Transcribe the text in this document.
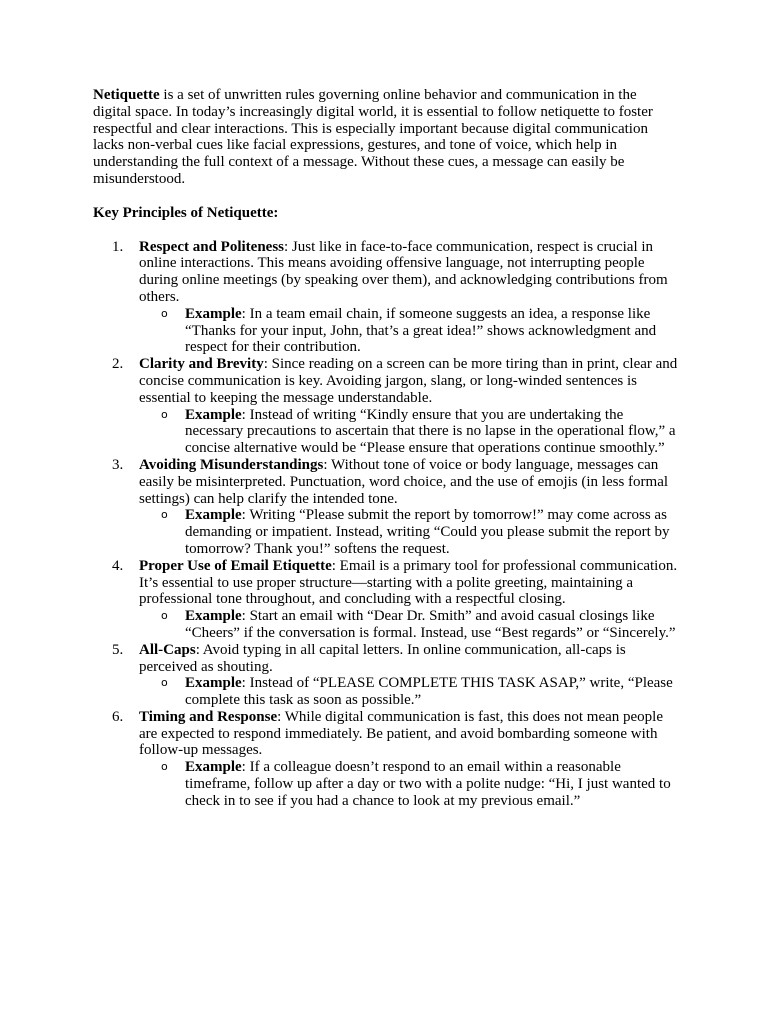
Netiquette is a set of unwritten rules governing online behavior and communication in the digital space. In today’s increasingly digital world, it is essential to follow netiquette to foster respectful and clear interactions. This is especially important because digital communication lacks non-verbal cues like facial expressions, gestures, and tone of voice, which help in understanding the full context of a message. Without these cues, a message can easily be misunderstood.

Key Principles of Netiquette:

1. Respect and Politeness: Just like in face-to-face communication, respect is crucial in online interactions. This means avoiding offensive language, not interrupting people during online meetings (by speaking over them), and acknowledging contributions from others.
o Example: In a team email chain, if someone suggests an idea, a response like “Thanks for your input, John, that’s a great idea!” shows acknowledgment and respect for their contribution.
2. Clarity and Brevity: Since reading on a screen can be more tiring than in print, clear and concise communication is key. Avoiding jargon, slang, or long-winded sentences is essential to keeping the message understandable.
o Example: Instead of writing “Kindly ensure that you are undertaking the necessary precautions to ascertain that there is no lapse in the operational flow,” a concise alternative would be “Please ensure that operations continue smoothly.”
3. Avoiding Misunderstandings: Without tone of voice or body language, messages can easily be misinterpreted. Punctuation, word choice, and the use of emojis (in less formal settings) can help clarify the intended tone.
o Example: Writing “Please submit the report by tomorrow!” may come across as demanding or impatient. Instead, writing “Could you please submit the report by tomorrow? Thank you!” softens the request.
4. Proper Use of Email Etiquette: Email is a primary tool for professional communication. It’s essential to use proper structure—starting with a polite greeting, maintaining a professional tone throughout, and concluding with a respectful closing.
o Example: Start an email with “Dear Dr. Smith” and avoid casual closings like “Cheers” if the conversation is formal. Instead, use “Best regards” or “Sincerely.”
5. All-Caps: Avoid typing in all capital letters. In online communication, all-caps is perceived as shouting.
o Example: Instead of “PLEASE COMPLETE THIS TASK ASAP,” write, “Please complete this task as soon as possible.”
6. Timing and Response: While digital communication is fast, this does not mean people are expected to respond immediately. Be patient, and avoid bombarding someone with follow-up messages.
o Example: If a colleague doesn’t respond to an email within a reasonable timeframe, follow up after a day or two with a polite nudge: “Hi, I just wanted to check in to see if you had a chance to look at my previous email.”
